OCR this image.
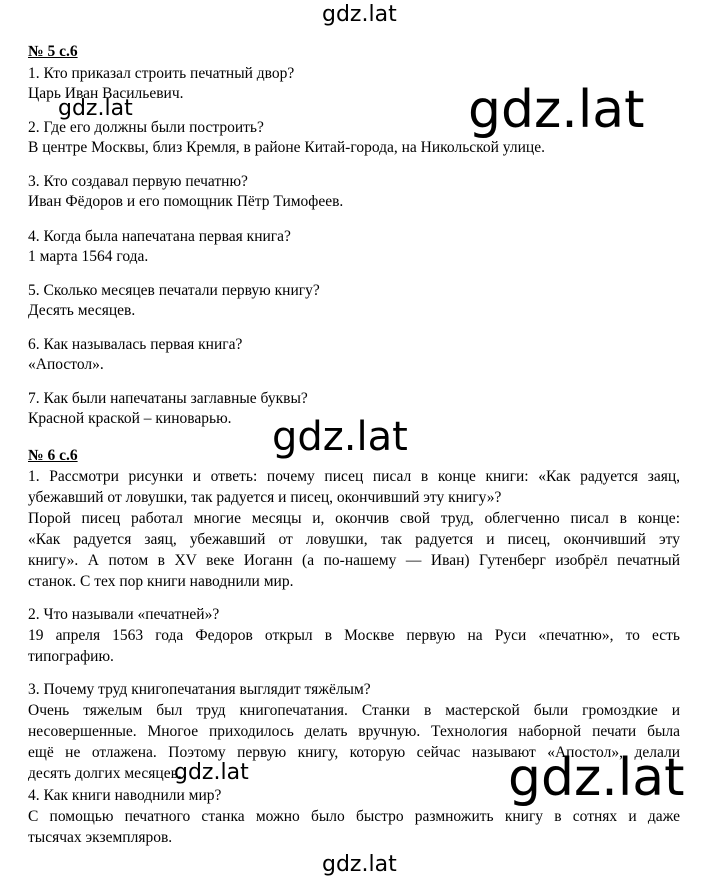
№ 5 с.6
1. Кто приказал строить печатный двор?
Царь Иван Васильевич.
2. Где его должны были построить?
В центре Москвы, близ Кремля, в районе Китай-города, на Никольской улице.
3. Кто создавал первую печатню?
Иван Фёдоров и его помощник Пётр Тимофеев.
4. Когда была напечатана первая книга?
1 марта 1564 года.
5. Сколько месяцев печатали первую книгу?
Десять месяцев.
6. Как называлась первая книга?
«Апостол».
7. Как были напечатаны заглавные буквы?
Красной краской – киноварью.
№ 6 с.6
1. Рассмотри рисунки и ответь: почему писец писал в конце книги: «Как радуется заяц,
убежавший от ловушки, так радуется и писец, окончивший эту книгу»?
Порой писец работал многие месяцы и, окончив свой труд, облегченно писал в конце:
«Как радуется заяц, убежавший от ловушки, так радуется и писец, окончивший эту
книгу». А потом в XV веке Иоганн (а по-нашему — Иван) Гутенберг изобрёл печатный
станок. С тех пор книги наводнили мир.
2. Что называли «печатней»?
19 апреля 1563 года Федоров открыл в Москве первую на Руси «печатню», то есть
типографию.
3. Почему труд книгопечатания выглядит тяжёлым?
Очень тяжелым был труд книгопечатания. Станки в мастерской были громоздкие и
несовершенные. Многое приходилось делать вручную. Технология наборной печати была
ещё не отлажена. Поэтому первую книгу, которую сейчас называют «Апостол», делали
десять долгих месяцев.
4. Как книги наводнили мир?
С помощью печатного станка можно было быстро размножить книгу в сотнях и даже
тысячах экземпляров.
gdz.lat
gdz.lat	gdz.lat
gdz.lat
gdz.lat	gdz.lat
gdz.lat
